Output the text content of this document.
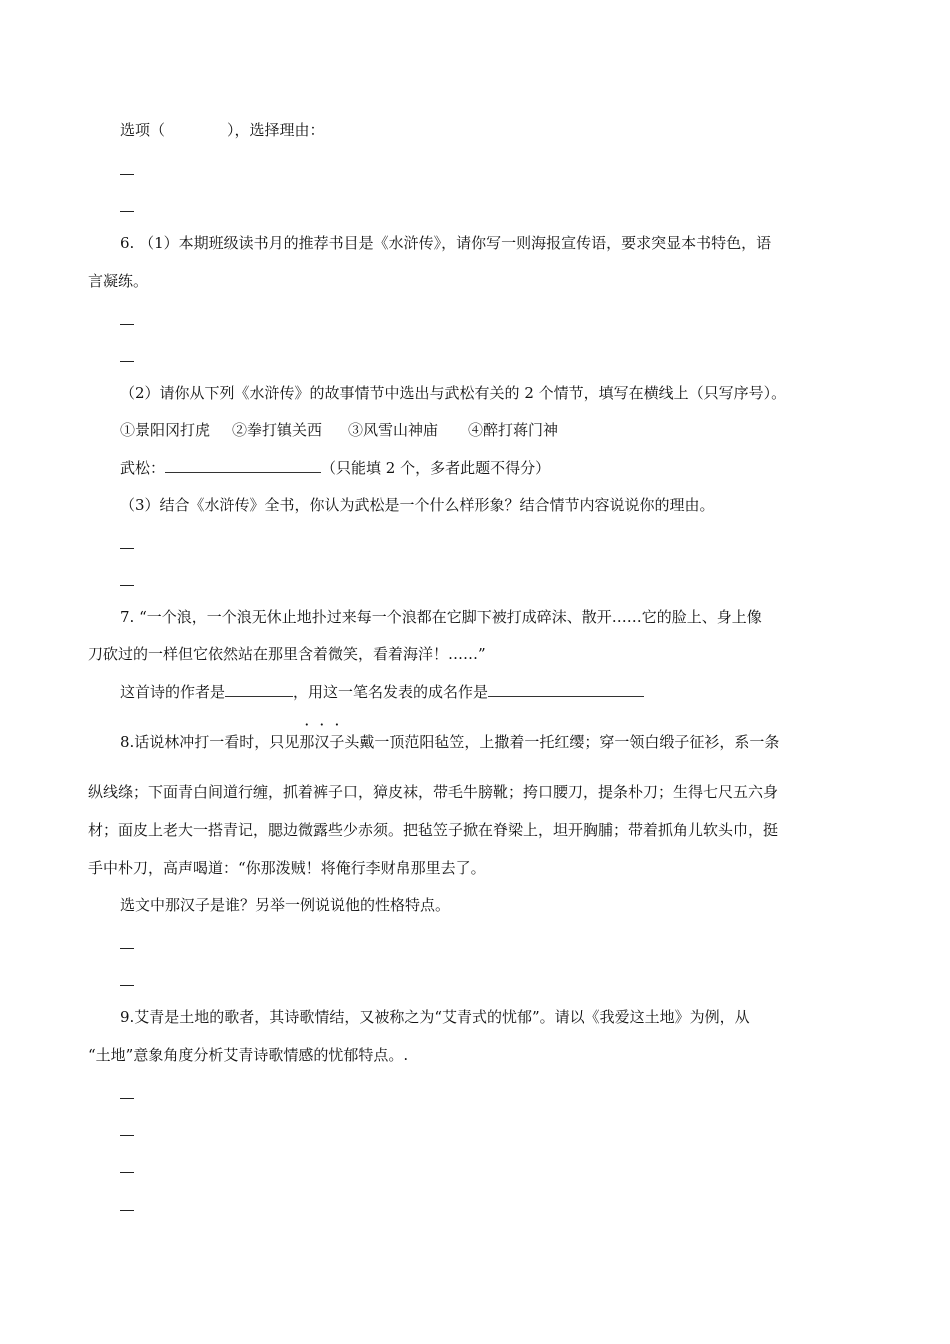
选项（	），选择理由：
6. （1）本期班级读书月的推荐书目是《水浒传》，请你写一则海报宣传语，要求突显本书特色，语
言凝练。
（2）请你从下列《水浒传》的故事情节中选出与武松有关的 2 个情节，填写在横线上（只写序号）。
①景阳冈打虎 ②拳打镇关西 ③风雪山神庙 ④醉打蒋门神
武松：	（只能填 2 个，多者此题不得分）
（3）结合《水浒传》全书，你认为武松是一个什么样形象？结合情节内容说说你的理由。
7. “一个浪，一个浪无休止地扑过来每一个浪都在它脚下被打成碎沫、散开……它的脸上、身上像
刀砍过的一样但它依然站在那里含着微笑，看着海洋！……”
这首诗的作者是	，用这一笔名发表的成名作是
8.话说林冲打一看时，只见那汉子头戴一顶范阳毡笠，上撒着一托红缨；穿一领白缎子征衫，系一条
纵线绦；下面青白间道行缠，抓着裤子口，獐皮袜，带毛牛膀靴；挎口腰刀，提条朴刀；生得七尺五六身
材；面皮上老大一搭青记，腮边微露些少赤须。把毡笠子掀在脊梁上，坦开胸脯；带着抓角儿软头巾，挺
手中朴刀，高声喝道：“你那泼贼！将俺行李财帛那里去了。
选文中那汉子是谁？另举一例说说他的性格特点。
9.艾青是土地的歌者，其诗歌情结，又被称之为“艾青式的忧郁”。请以《我爱这土地》为例，从
“土地”意象角度分析艾青诗歌情感的忧郁特点。.
